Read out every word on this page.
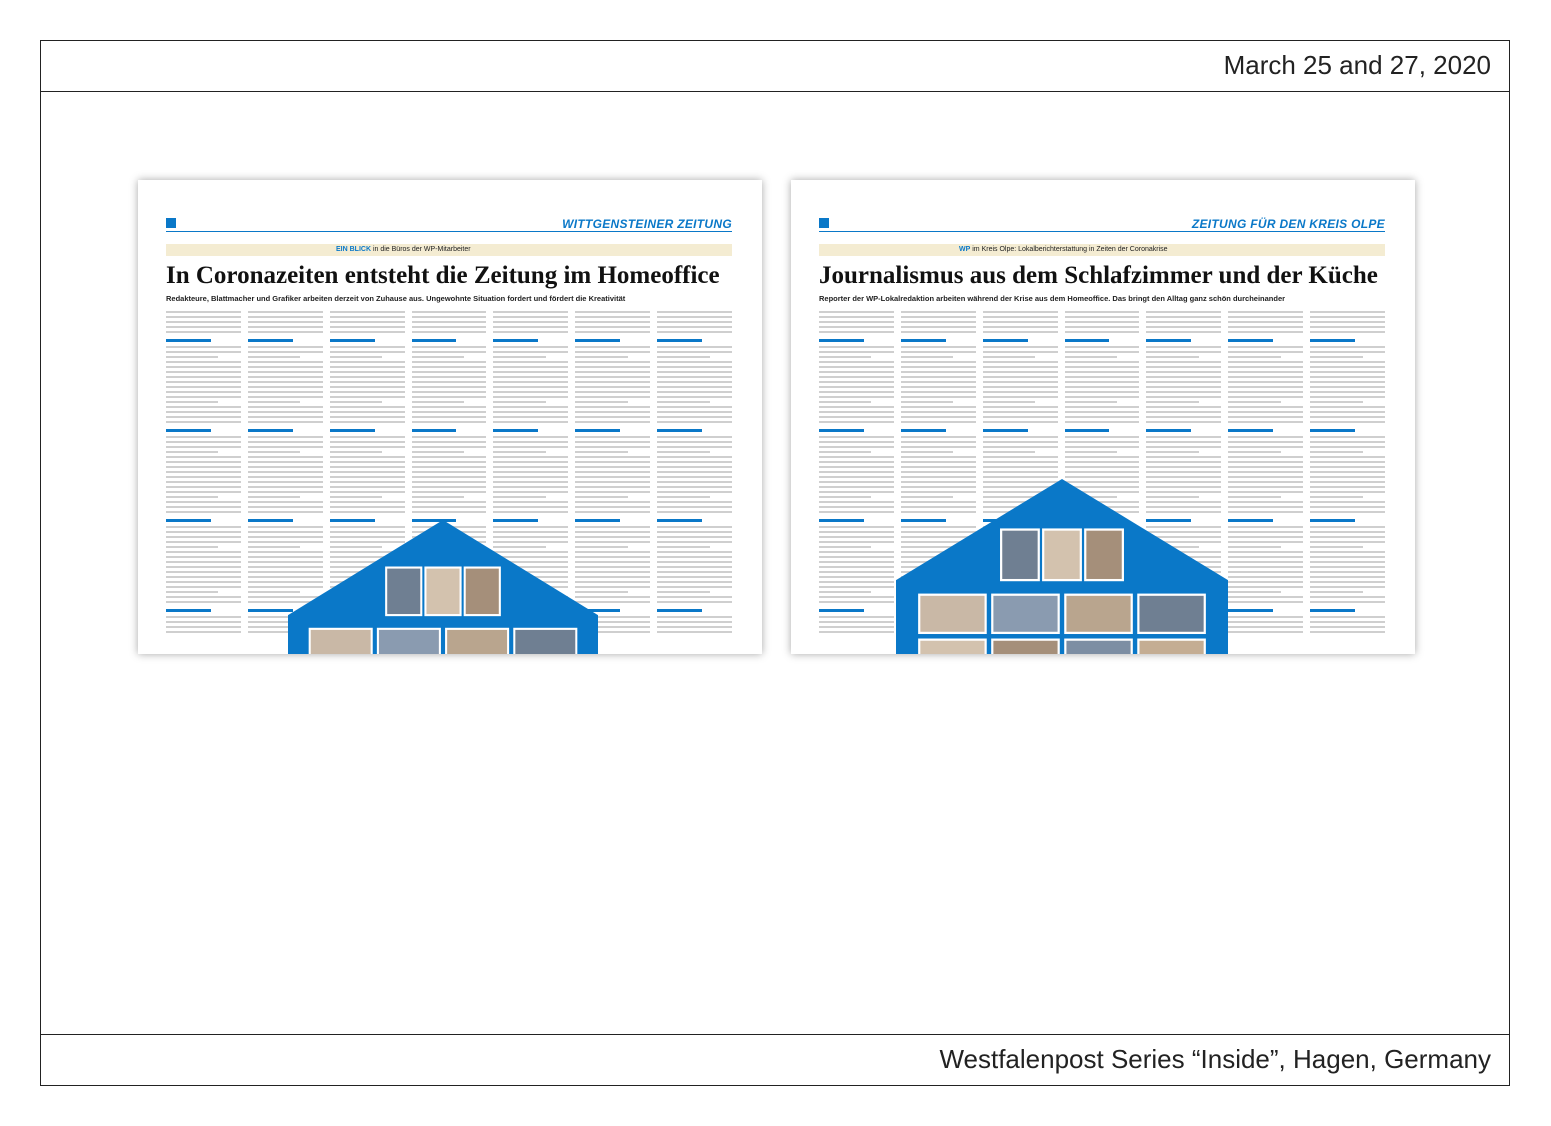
March 25 and 27, 2020
WITTGENSTEINER ZEITUNG
EIN BLICK in die Büros der WP-Mitarbeiter
In Coronazeiten entsteht die Zeitung im Homeoffice
Redakteure, Blattmacher und Grafiker arbeiten derzeit von Zuhause aus. Ungewohnte Situation fordert und fördert die Kreativität
ZEITUNG FÜR DEN KREIS OLPE
WP im Kreis Olpe: Lokalberichterstattung in Zeiten der Coronakrise
Journalismus aus dem Schlafzimmer und der Küche
Reporter der WP-Lokalredaktion arbeiten während der Krise aus dem Homeoffice. Das bringt den Alltag ganz schön durcheinander
Westfalenpost Series “Inside”, Hagen, Germany
